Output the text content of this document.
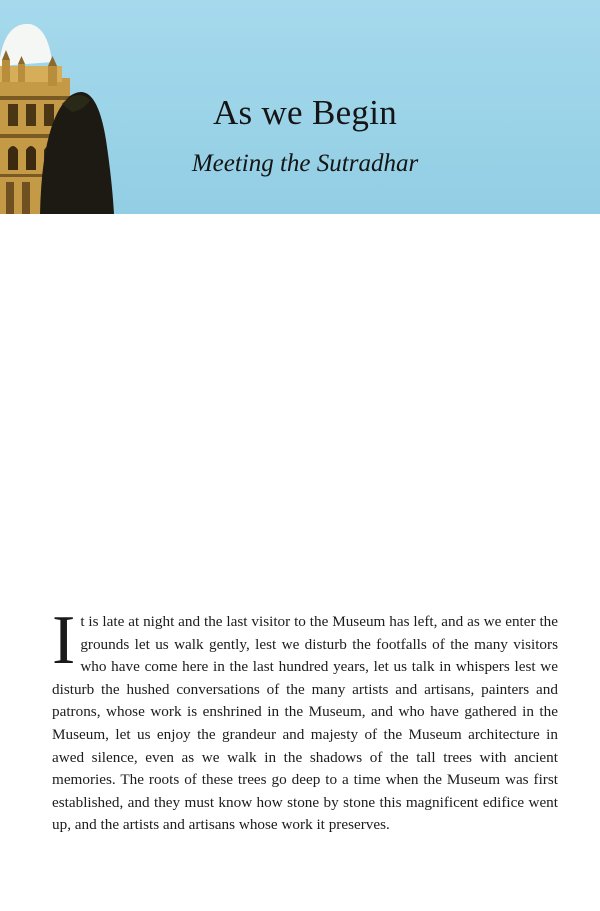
As we Begin
Meeting the Sutradhar

It is late at night and the last visitor to the Museum has left, and as we enter the grounds let us walk gently, lest we disturb the footfalls of the many visitors who have come here in the last hundred years, let us talk in whispers lest we disturb the hushed conversations of the many artists and artisans, painters and patrons, whose work is enshrined in the Museum, and who have gathered in the Museum, let us enjoy the grandeur and majesty of the Museum architecture in awed silence, even as we walk in the shadows of the tall trees with ancient memories. The roots of these trees go deep to a time when the Museum was first established, and they must know how stone by stone this magnificent edifice went up, and the artists and artisans whose work it preserves.
